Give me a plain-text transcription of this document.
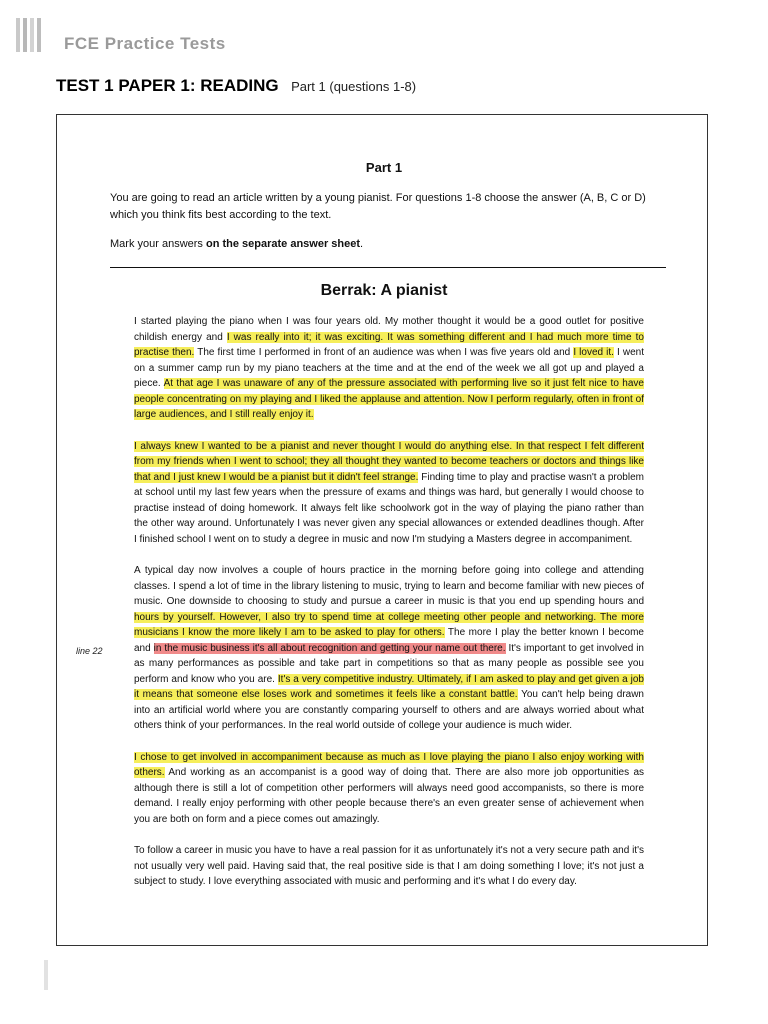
FCE Practice Tests
TEST 1 PAPER 1: READING Part 1 (questions 1-8)
Part 1
You are going to read an article written by a young pianist. For questions 1-8 choose the answer (A, B, C or D) which you think fits best according to the text.
Mark your answers on the separate answer sheet.
Berrak: A pianist
line 22

I started playing the piano when I was four years old. My mother thought it would be a good outlet for positive childish energy and I was really into it; it was exciting. It was something different and I had much more time to practise then. The first time I performed in front of an audience was when I was five years old and I loved it. I went on a summer camp run by my piano teachers at the time and at the end of the week we all got up and played a piece. At that age I was unaware of any of the pressure associated with performing live so it just felt nice to have people concentrating on my playing and I liked the applause and attention. Now I perform regularly, often in front of large audiences, and I still really enjoy it.

I always knew I wanted to be a pianist and never thought I would do anything else. In that respect I felt different from my friends when I went to school; they all thought they wanted to become teachers or doctors and things like that and I just knew I would be a pianist but it didn't feel strange. Finding time to play and practise wasn't a problem at school until my last few years when the pressure of exams and things was hard, but generally I would choose to practise instead of doing homework. It always felt like schoolwork got in the way of playing the piano rather than the other way around. Unfortunately I was never given any special allowances or extended deadlines though. After I finished school I went on to study a degree in music and now I'm studying a Masters degree in accompaniment.

A typical day now involves a couple of hours practice in the morning before going into college and attending classes. I spend a lot of time in the library listening to music, trying to learn and become familiar with new pieces of music. One downside to choosing to study and pursue a career in music is that you end up spending hours and hours by yourself. However, I also try to spend time at college meeting other people and networking. The more musicians I know the more likely I am to be asked to play for others. The more I play the better known I become and in the music business it's all about recognition and getting your name out there. It's important to get involved in as many performances as possible and take part in competitions so that as many people as possible see you perform and know who you are. It's a very competitive industry. Ultimately, if I am asked to play and get given a job it means that someone else loses work and sometimes it feels like a constant battle. You can't help being drawn into an artificial world where you are constantly comparing yourself to others and are always worried about what others think of your performances. In the real world outside of college your audience is much wider.

I chose to get involved in accompaniment because as much as I love playing the piano I also enjoy working with others. And working as an accompanist is a good way of doing that. There are also more job opportunities as although there is still a lot of competition other performers will always need good accompanists, so there is more demand. I really enjoy performing with other people because there's an even greater sense of achievement when you are both on form and a piece comes out amazingly.

To follow a career in music you have to have a real passion for it as unfortunately it's not a very secure path and it's not usually very well paid. Having said that, the real positive side is that I am doing something I love; it's not just a subject to study. I love everything associated with music and performing and it's what I do every day.
